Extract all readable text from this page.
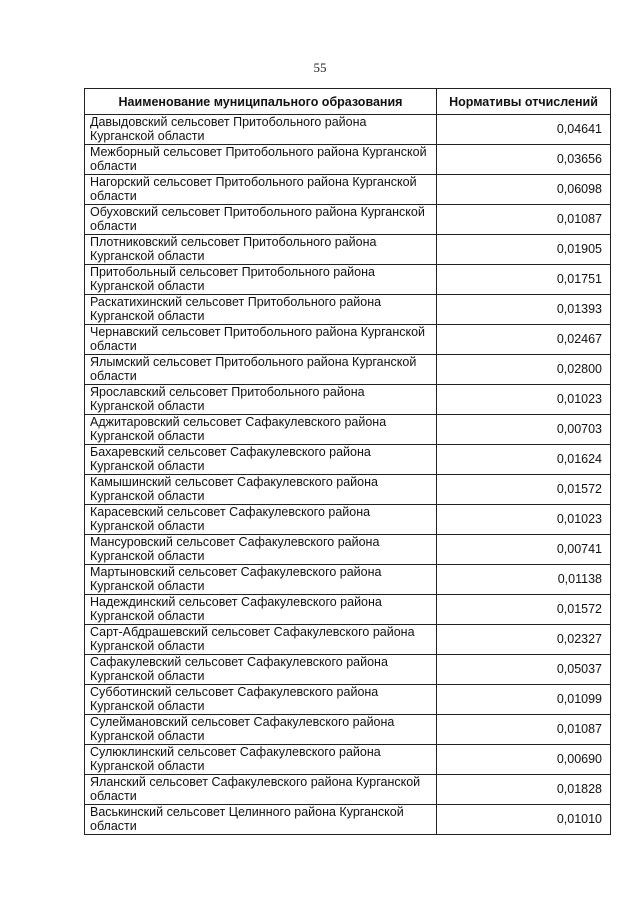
55
Наименование муниципального образования	Нормативы отчислений
Давыдовский сельсовет Притобольного района Курганской области	0,04641
Межборный сельсовет Притобольного района Курганской области	0,03656
Нагорский сельсовет Притобольного района Курганской области	0,06098
Обуховский сельсовет Притобольного района Курганской области	0,01087
Плотниковский сельсовет Притобольного района Курганской области	0,01905
Притобольный сельсовет Притобольного района Курганской области	0,01751
Раскатихинский сельсовет Притобольного района Курганской области	0,01393
Чернавский сельсовет Притобольного района Курганской области	0,02467
Ялымский сельсовет Притобольного района Курганской области	0,02800
Ярославский сельсовет Притобольного района Курганской области	0,01023
Аджитаровский сельсовет Сафакулевского района Курганской области	0,00703
Бахаревский сельсовет Сафакулевского района Курганской области	0,01624
Камышинский сельсовет Сафакулевского района Курганской области	0,01572
Карасевский сельсовет Сафакулевского района Курганской области	0,01023
Мансуровский сельсовет Сафакулевского района Курганской области	0,00741
Мартыновский сельсовет Сафакулевского района Курганской области	0,01138
Надеждинский сельсовет Сафакулевского района Курганской области	0,01572
Сарт-Абдрашевский сельсовет Сафакулевского района Курганской области	0,02327
Сафакулевский сельсовет Сафакулевского района Курганской области	0,05037
Субботинский сельсовет Сафакулевского района Курганской области	0,01099
Сулеймановский сельсовет Сафакулевского района Курганской области	0,01087
Сулюклинский сельсовет Сафакулевского района Курганской области	0,00690
Яланский сельсовет Сафакулевского района Курганской области	0,01828
Васькинский сельсовет Целинного района Курганской области	0,01010
